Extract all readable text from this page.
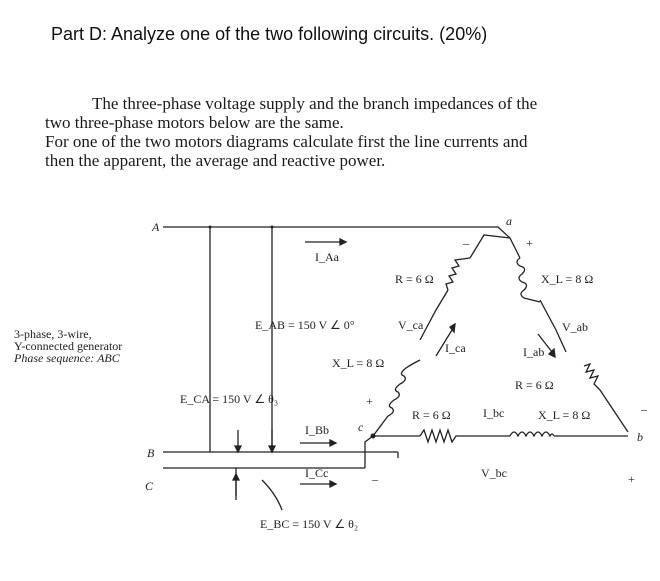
Part D: Analyze one of the two following circuits. (20%)
The three-phase voltage supply and the branch impedances of the
two three-phase motors below are the same.
For one of the two motors diagrams calculate first the line currents and
then the apparent, the average and reactive power.
3-phase, 3-wire,
Y-connected generator
Phase sequence: ABC
A
B
C
a
b
c
I_Aa
I_Bb
I_Cc
I_ca	I_ab
I_bc
E_AB = 150 V ∠ 0°
E_CA = 150 V ∠ θ₃
E_BC = 150 V ∠ θ₂
R = 6 Ω
X_L = 8 Ω
X_L = 8 Ω
R = 6 Ω
R = 6 Ω	X_L = 8 Ω
V_ca	V_ab
V_bc
+
–
–	+
–
+
